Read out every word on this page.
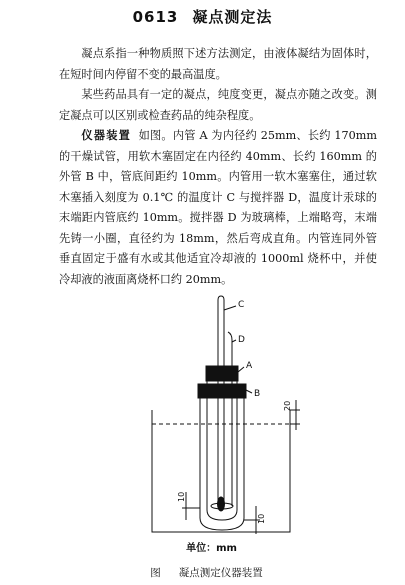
0613 凝点测定法

凝点系指一种物质照下述方法测定，由液体凝结为固体时，在短时间内停留不变的最高温度。

某些药品具有一定的凝点，纯度变更，凝点亦随之改变。测定凝点可以区别或检查药品的纯杂程度。

仪器装置 如图。内管 A 为内径约 25mm、长约 170mm 的干燥试管，用软木塞固定在内径约 40mm、长约 160mm 的外管 B 中，管底间距约 10mm。内管用一软木塞塞住，通过软木塞插入刻度为 0.1℃ 的温度计 C 与搅拌器 D，温度计汞球的末端距内管底约 10mm。搅拌器 D 为玻璃棒，上端略弯，末端先铸一小圈，直径约为 18mm，然后弯成直角。内管连同外管垂直固定于盛有水或其他适宜冷却液的 1000ml 烧杯中，并使冷却液的液面离烧杯口约 20mm。

C
D
A
B
20
10
10
单位：mm
图 凝点测定仪器装置
